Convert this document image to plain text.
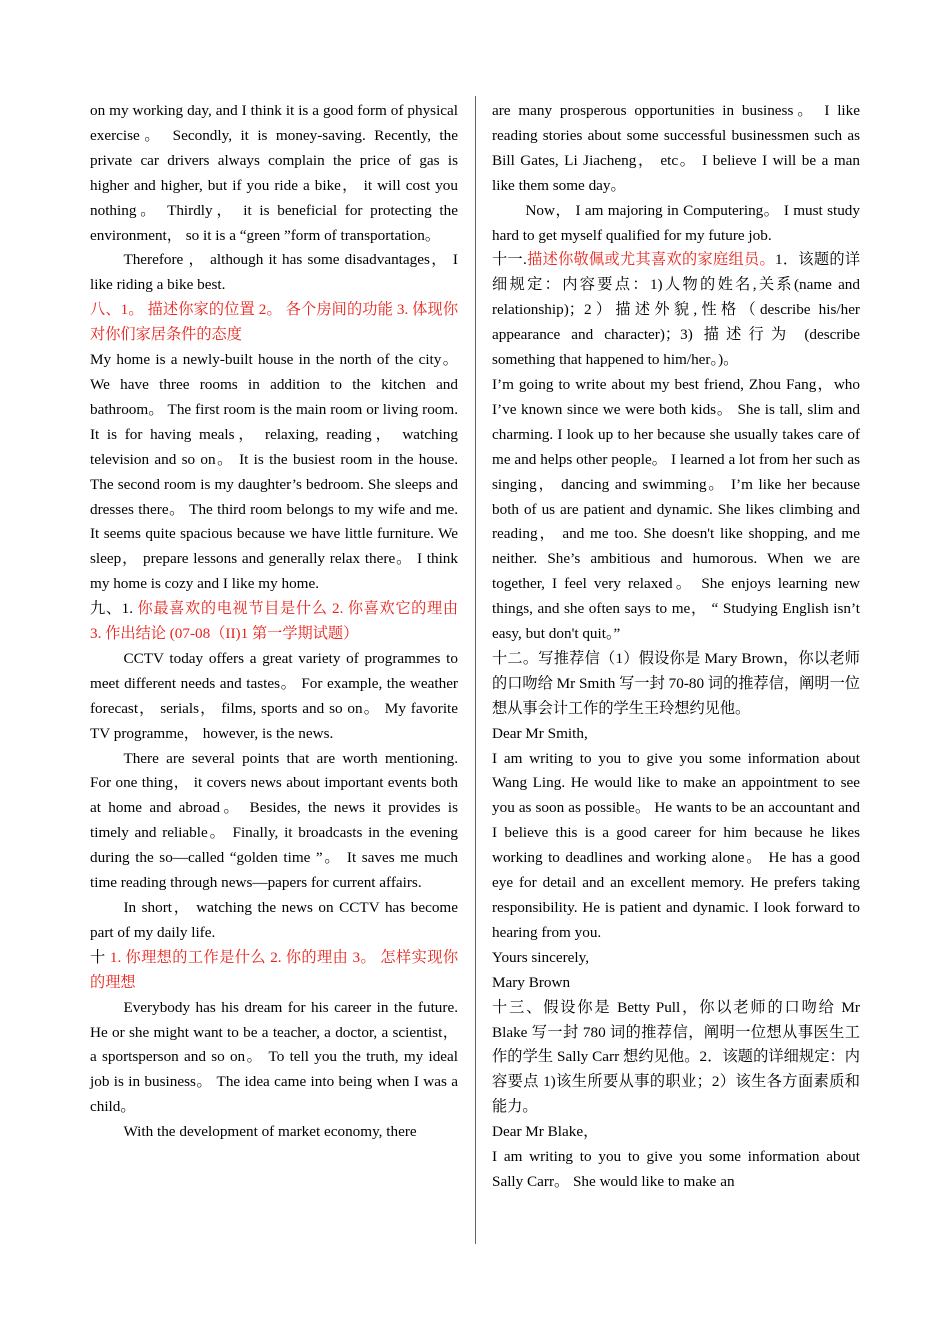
on my working day, and I think it is a good form of physical exercise。 Secondly, it is money-saving. Recently, the private car drivers always complain the price of gas is higher and higher, but if you ride a bike， it will cost you nothing。 Thirdly， it is beneficial for protecting the environment， so it is a “green ”form of transportation。

Therefore ， although it has some disadvantages， I like riding a bike best.

八、1。 描述你家的位置 2。 各个房间的功能 3. 体现你对你们家居条件的态度

My home is a newly-built house in the north of the city。 We have three rooms in addition to the kitchen and bathroom。 The first room is the main room or living room. It is for having meals， relaxing, reading， watching television and so on。 It is the busiest room in the house. The second room is my daughter’s bedroom. She sleeps and dresses there。 The third room belongs to my wife and me. It seems quite spacious because we have little furniture. We sleep， prepare lessons and generally relax there。 I think my home is cozy and I like my home.

九、1. 你最喜欢的电视节目是什么 2. 你喜欢它的理由 3. 作出结论 (07-08（II)1 第一学期试题）

CCTV today offers a great variety of programmes to meet different needs and tastes。 For example, the weather forecast， serials， films, sports and so on。 My favorite TV programme， however, is the news.

There are several points that are worth mentioning. For one thing， it covers news about important events both at home and abroad。 Besides, the news it provides is timely and reliable。 Finally, it broadcasts in the evening during the so—called “golden time ”。 It saves me much time reading through news—papers for current affairs.

In short， watching the news on CCTV has become part of my daily life.

十 1. 你理想的工作是什么 2. 你的理由 3。 怎样实现你的理想

Everybody has his dream for his career in the future. He or she might want to be a teacher, a doctor, a scientist， a sportsperson and so on。 To tell you the truth, my ideal job is in business。 The idea came into being when I was a child。

With the development of market economy, there

are many prosperous opportunities in business。 I like reading stories about some successful businessmen such as Bill Gates, Li Jiacheng， etc。 I believe I will be a man like them some day。

Now， I am majoring in Computering。 I must study hard to get myself qualified for my future job.

十一.描述你敬佩或尤其喜欢的家庭组员。1．该题的详细规定：内容要点：1)人物的姓名,关系(name and relationship)；2）描述外貌,性格（describe his/her appearance and character)；3) 描述行为 (describe something that happened to him/her。)。

I’m going to write about my best friend, Zhou Fang，who I’ve known since we were both kids。 She is tall, slim and charming. I look up to her because she usually takes care of me and helps other people。 I learned a lot from her such as singing， dancing and swimming。 I’m like her because both of us are patient and dynamic. She likes climbing and reading， and me too. She doesn't like shopping, and me neither. She’s ambitious and humorous. When we are together, I feel very relaxed。 She enjoys learning new things, and she often says to me， “ Studying English isn’t easy, but don't quit。”

十二。写推荐信（1）假设你是 Mary Brown，你以老师的口吻给 Mr Smith 写一封 70-80 词的推荐信，阐明一位想从事会计工作的学生王玲想约见他。

Dear Mr Smith,

I am writing to you to give you some information about Wang Ling. He would like to make an appointment to see you as soon as possible。 He wants to be an accountant and I believe this is a good career for him because he likes working to deadlines and working alone。 He has a good eye for detail and an excellent memory. He prefers taking responsibility. He is patient and dynamic. I look forward to hearing from you.

Yours sincerely,

Mary Brown

十三、假设你是 Betty Pull，你以老师的口吻给 Mr Blake 写一封 780 词的推荐信，阐明一位想从事医生工作的学生 Sally Carr 想约见他。2．该题的详细规定：内容要点 1)该生所要从事的职业；2）该生各方面素质和能力。

Dear Mr Blake，

I am writing to you to give you some information about Sally Carr。 She would like to make an
